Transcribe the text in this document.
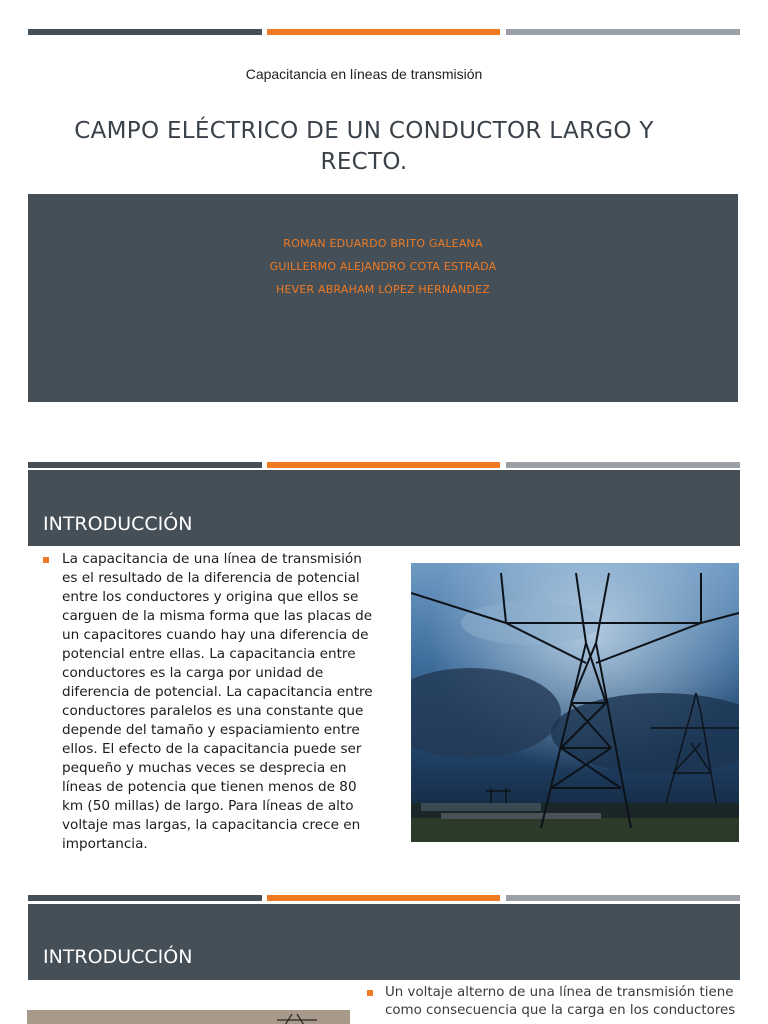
Capacitancia en líneas de transmisión
CAMPO ELÉCTRICO DE UN CONDUCTOR LARGO Y RECTO.
ROMAN EDUARDO BRITO GALEANA
GUILLERMO ALEJANDRO COTA ESTRADA
HEVER ABRAHAM LÓPEZ HERNÁNDEZ
INTRODUCCIÓN
La capacitancia de una línea de transmisión es el resultado de la diferencia de potencial entre los conductores y origina que ellos se carguen de la misma forma que las placas de un capacitores cuando hay una diferencia de potencial entre ellas. La capacitancia entre conductores es la carga por unidad de diferencia de potencial. La capacitancia entre conductores paralelos es una constante que depende del tamaño y espaciamiento entre ellos. El efecto de la capacitancia puede ser pequeño y muchas veces se desprecia en líneas de potencia que tienen menos de 80 km (50 millas) de largo. Para líneas de alto voltaje mas largas, la capacitancia crece en importancia.
INTRODUCCIÓN
Un voltaje alterno de una línea de transmisión tiene como consecuencia que la carga en los conductores
